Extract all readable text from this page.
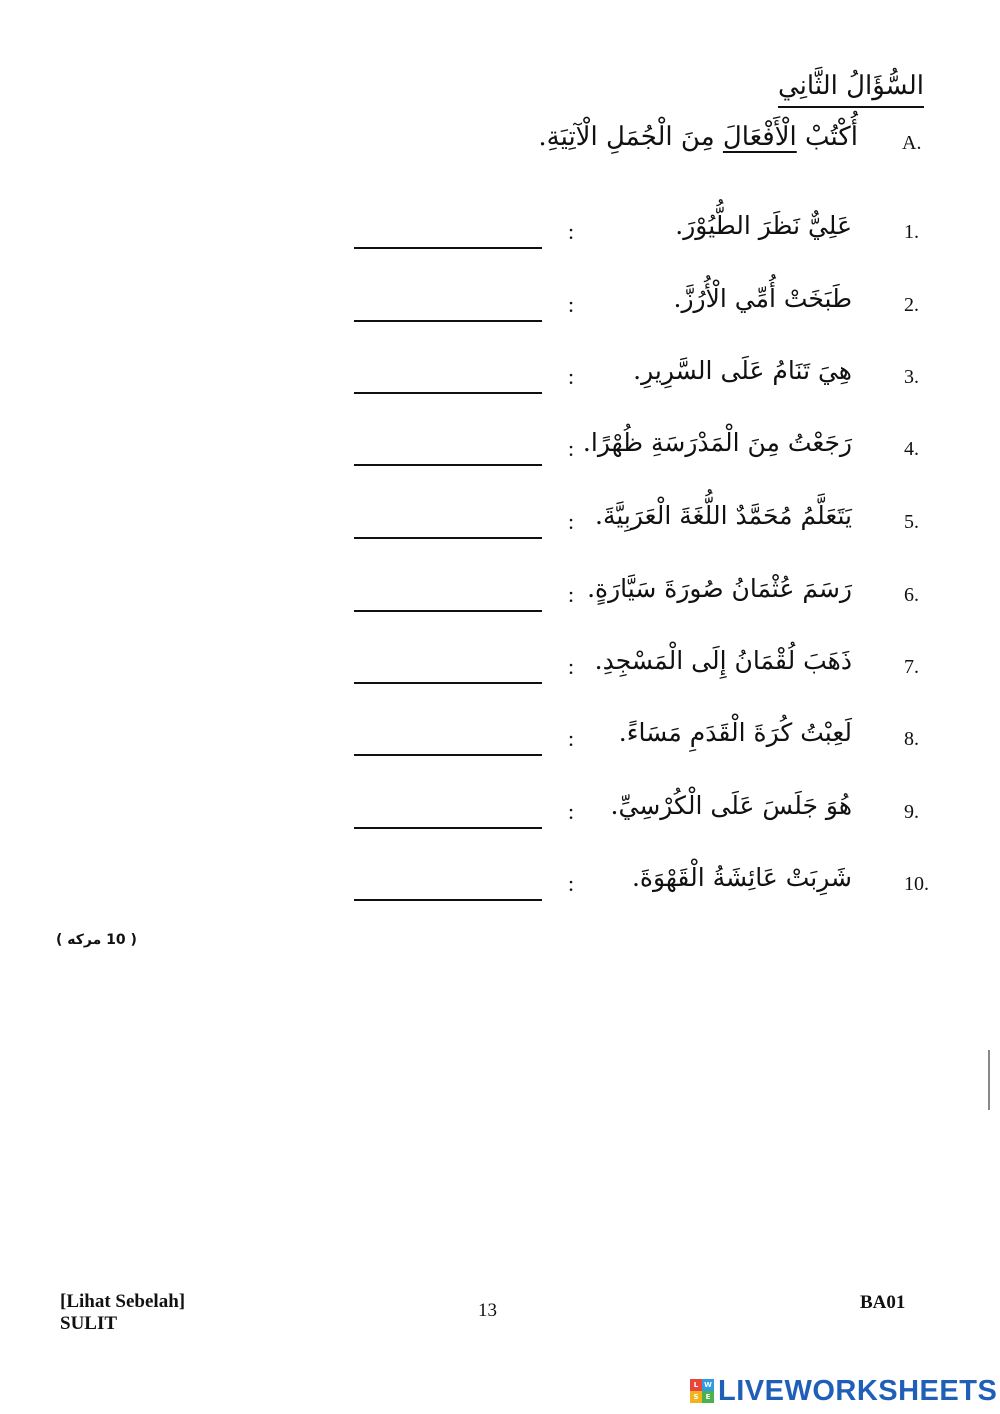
السُّؤَالُ الثَّانِي
A.
أُكْتُبْ الْأَفْعَالَ مِنَ الْجُمَلِ الْآتِيَةِ.
1.
عَلِيٌّ نَظَرَ الطُّيُوْرَ.
:
2.
طَبَخَتْ أُمِّي الْأُرُزَّ.
:
3.
هِيَ تَنَامُ عَلَى السَّرِيرِ.
:
4.
رَجَعْتُ مِنَ الْمَدْرَسَةِ ظُهْرًا.
:
5.
يَتَعَلَّمُ مُحَمَّدٌ اللُّغَةَ الْعَرَبِيَّةَ.
:
6.
رَسَمَ عُثْمَانُ صُورَةَ سَيَّارَةٍ.
:
7.
ذَهَبَ لُقْمَانُ إِلَى الْمَسْجِدِ.
:
8.
لَعِبْتُ كُرَةَ الْقَدَمِ مَسَاءً.
:
9.
هُوَ جَلَسَ عَلَى الْكُرْسِيِّ.
:
10.
شَرِبَتْ عَائِشَةُ الْقَهْوَةَ.
:
( 10 مركه )
[Lihat Sebelah]
SULIT
13	BA01
L W
S	E LIVEWORKSHEETS
